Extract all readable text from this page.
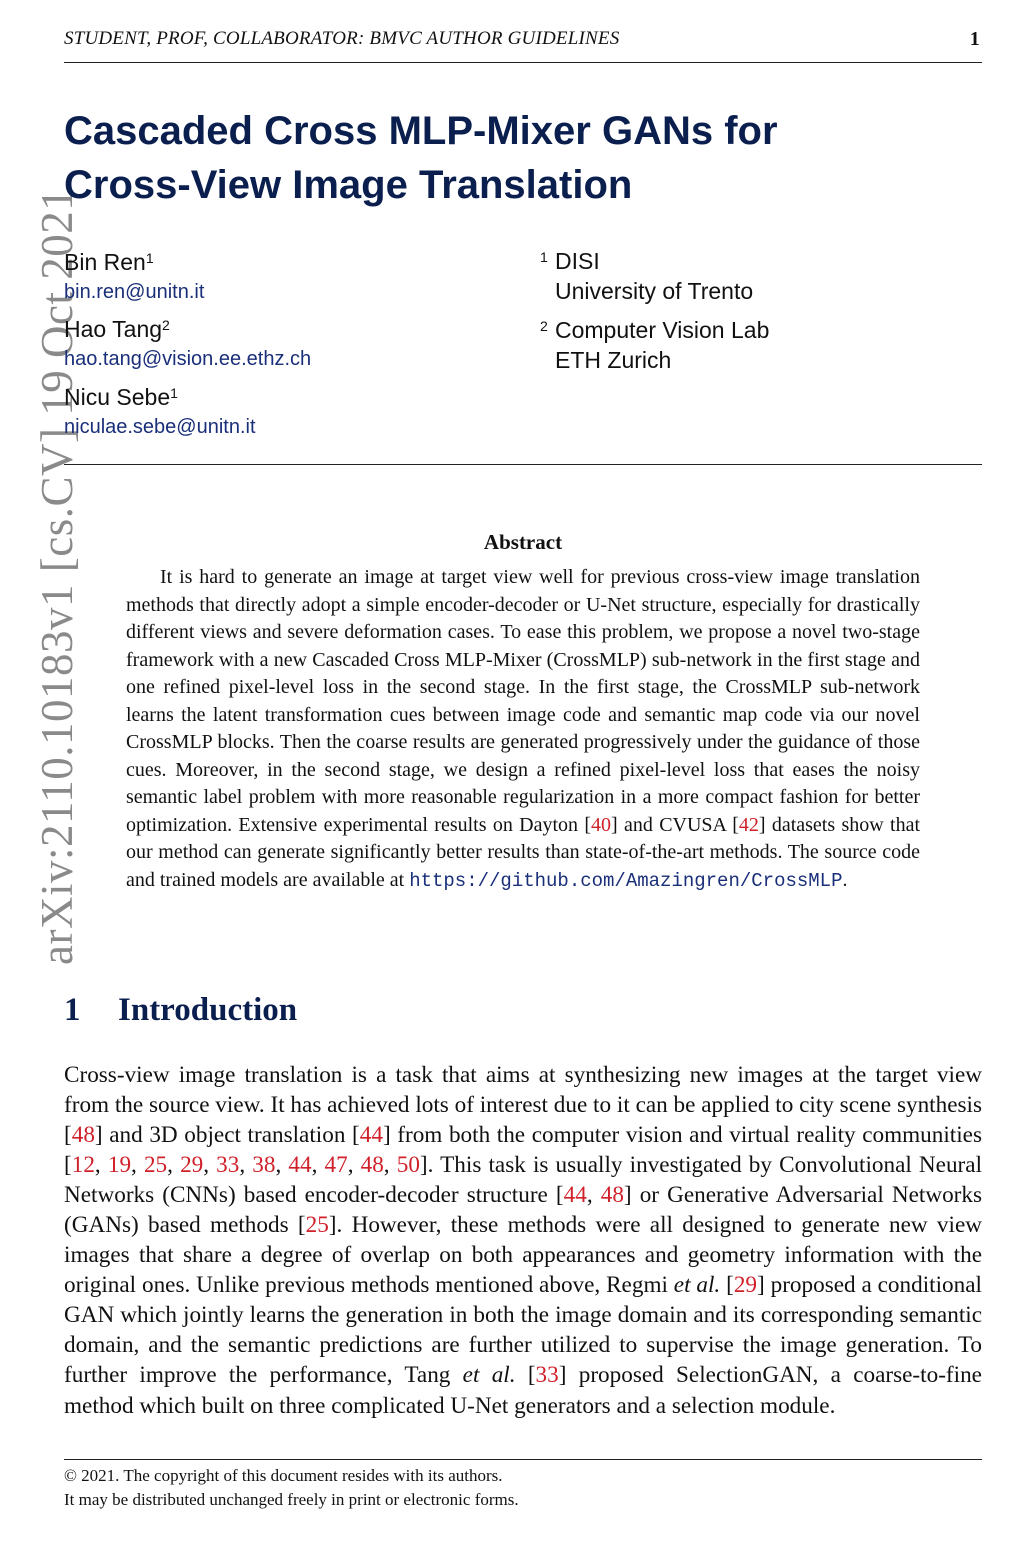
STUDENT, PROF, COLLABORATOR: BMVC AUTHOR GUIDELINES	1
arXiv:2110.10183v1 [cs.CV] 19 Oct 2021
Cascaded Cross MLP-Mixer GANs for
Cross-View Image Translation
Bin Ren$^1$
bin.ren@unitn.it
Hao Tang$^2$
hao.tang@vision.ee.ethz.ch
Nicu Sebe$^1$
niculae.sebe@unitn.it
$^1$ DISI
University of Trento
$^2$ Computer Vision Lab
ETH Zurich
Abstract
It is hard to generate an image at target view well for previous cross-view image translation methods that directly adopt a simple encoder-decoder or U-Net structure, especially for drastically different views and severe deformation cases. To ease this problem, we propose a novel two-stage framework with a new Cascaded Cross MLP-Mixer (CrossMLP) sub-network in the first stage and one refined pixel-level loss in the second stage. In the first stage, the CrossMLP sub-network learns the latent transformation cues between image code and semantic map code via our novel CrossMLP blocks. Then the coarse results are generated progressively under the guidance of those cues. Moreover, in the second stage, we design a refined pixel-level loss that eases the noisy semantic label problem with more reasonable regularization in a more compact fashion for better optimization. Extensive experimental results on Dayton [40] and CVUSA [42] datasets show that our method can generate significantly better results than state-of-the-art methods. The source code and trained models are available at https://github.com/Amazingren/CrossMLP.
1 Introduction
Cross-view image translation is a task that aims at synthesizing new images at the target view from the source view. It has achieved lots of interest due to it can be applied to city scene synthesis [48] and 3D object translation [44] from both the computer vision and virtual reality communities [12, 19, 25, 29, 33, 38, 44, 47, 48, 50]. This task is usually investigated by Convolutional Neural Networks (CNNs) based encoder-decoder structure [44, 48] or Generative Adversarial Networks (GANs) based methods [25]. However, these methods were all designed to generate new view images that share a degree of overlap on both appearances and geometry information with the original ones. Unlike previous methods mentioned above, Regmi et al. [29] proposed a conditional GAN which jointly learns the generation in both the image domain and its corresponding semantic domain, and the semantic predictions are further utilized to supervise the image generation. To further improve the performance, Tang et al. [33] proposed SelectionGAN, a coarse-to-fine method which built on three complicated U-Net generators and a selection module.
© 2021. The copyright of this document resides with its authors.
It may be distributed unchanged freely in print or electronic forms.
